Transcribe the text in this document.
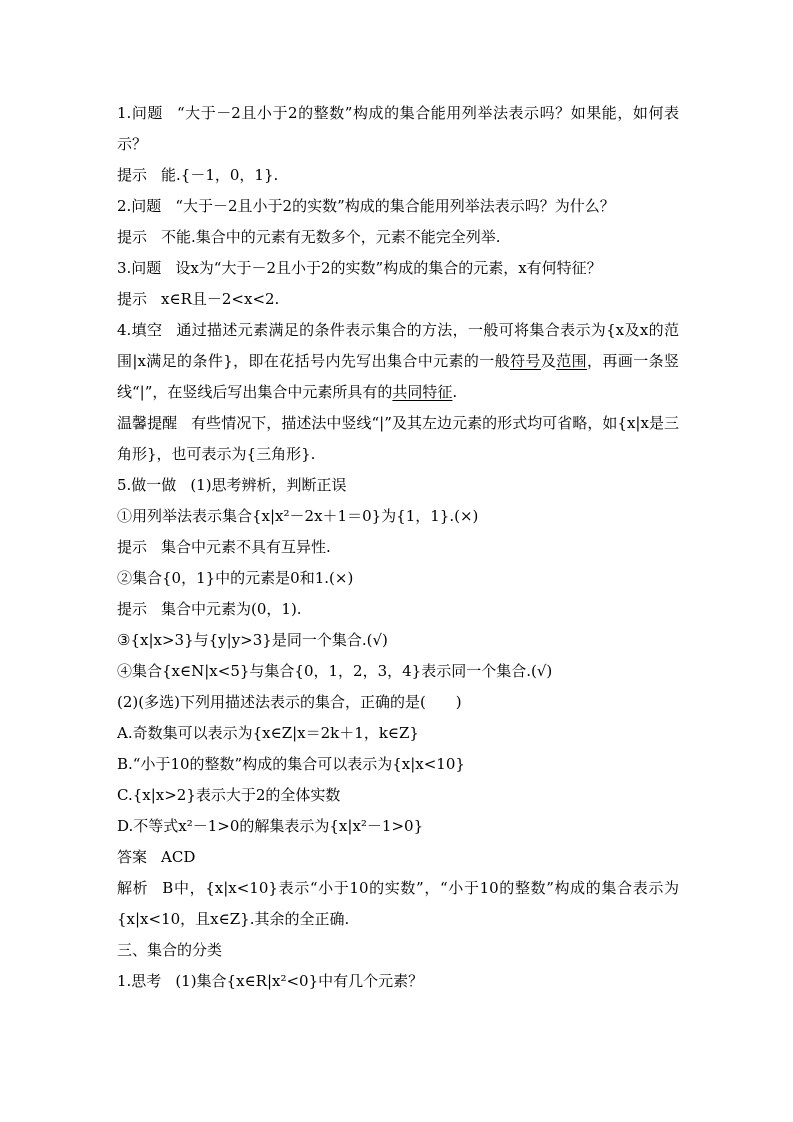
1.问题 “大于－2且小于2的整数”构成的集合能用列举法表示吗？如果能，如何表示？
提示 能.{－1，0，1}.
2.问题 “大于－2且小于2的实数”构成的集合能用列举法表示吗？为什么？
提示 不能.集合中的元素有无数多个，元素不能完全列举.
3.问题 设x为“大于－2且小于2的实数”构成的集合的元素，x有何特征？
提示 x∈R且－2<x<2.
4.填空 通过描述元素满足的条件表示集合的方法，一般可将集合表示为{x及x的范围|x满足的条件}，即在花括号内先写出集合中元素的一般符号及范围，再画一条竖线“|”，在竖线后写出集合中元素所具有的共同特征.
温馨提醒 有些情况下，描述法中竖线“|”及其左边元素的形式均可省略，如{x|x是三角形}，也可表示为{三角形}.
5.做一做 (1)思考辨析，判断正误
①用列举法表示集合{x|x²－2x＋1＝0}为{1，1}.(×)
提示 集合中元素不具有互异性.
②集合{0，1}中的元素是0和1.(×)
提示 集合中元素为(0，1).
③{x|x>3}与{y|y>3}是同一个集合.(√)
④集合{x∈N|x<5}与集合{0，1，2，3，4}表示同一个集合.(√)
(2)(多选)下列用描述法表示的集合，正确的是(　　)
A.奇数集可以表示为{x∈Z|x＝2k＋1，k∈Z}
B.“小于10的整数”构成的集合可以表示为{x|x<10}
C.{x|x>2}表示大于2的全体实数
D.不等式x²－1>0的解集表示为{x|x²－1>0}
答案 ACD
解析 B中，{x|x<10}表示“小于10的实数”，“小于10的整数”构成的集合表示为{x|x<10，且x∈Z}.其余的全正确.
三、集合的分类
1.思考 (1)集合{x∈R|x²<0}中有几个元素？
